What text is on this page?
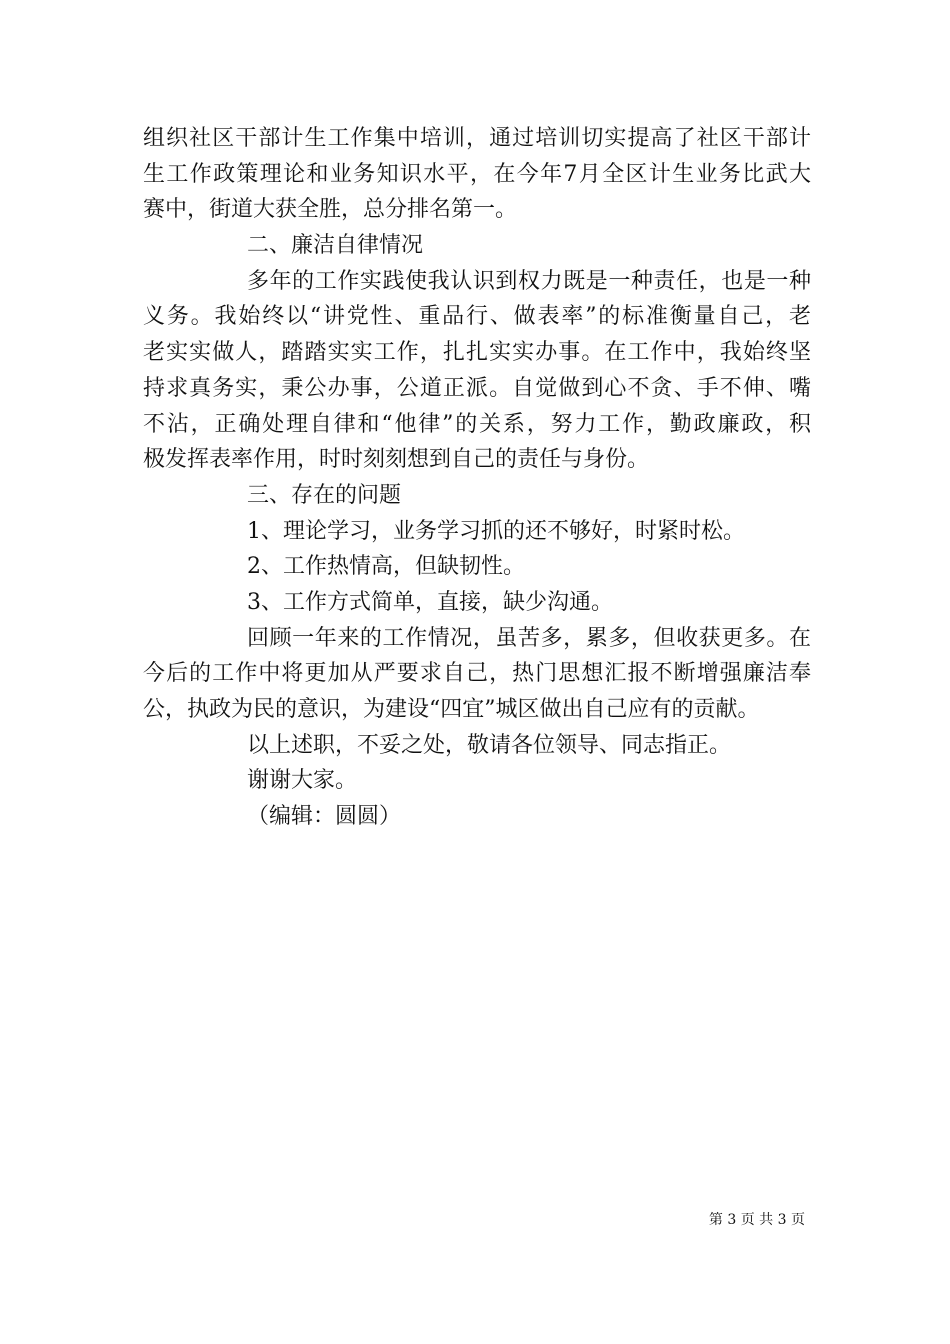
组织社区干部计生工作集中培训，通过培训切实提高了社区干部计
生工作政策理论和业务知识水平，在今年7月全区计生业务比武大
赛中，街道大获全胜，总分排名第一。
二、廉洁自律情况
多年的工作实践使我认识到权力既是一种责任，也是一种
义务。我始终以“讲党性、重品行、做表率”的标准衡量自己，老
老实实做人，踏踏实实工作，扎扎实实办事。在工作中，我始终坚
持求真务实，秉公办事，公道正派。自觉做到心不贪、手不伸、嘴
不沾，正确处理自律和“他律”的关系，努力工作，勤政廉政，积
极发挥表率作用，时时刻刻想到自己的责任与身份。
三、存在的问题
1、理论学习，业务学习抓的还不够好，时紧时松。
2、工作热情高，但缺韧性。
3、工作方式简单，直接，缺少沟通。
回顾一年来的工作情况，虽苦多，累多，但收获更多。在
今后的工作中将更加从严要求自己，热门思想汇报不断增强廉洁奉
公，执政为民的意识，为建设“四宜”城区做出自己应有的贡献。
以上述职，不妥之处，敬请各位领导、同志指正。
谢谢大家。
（编辑：圆圆）
第 3 页 共 3 页
